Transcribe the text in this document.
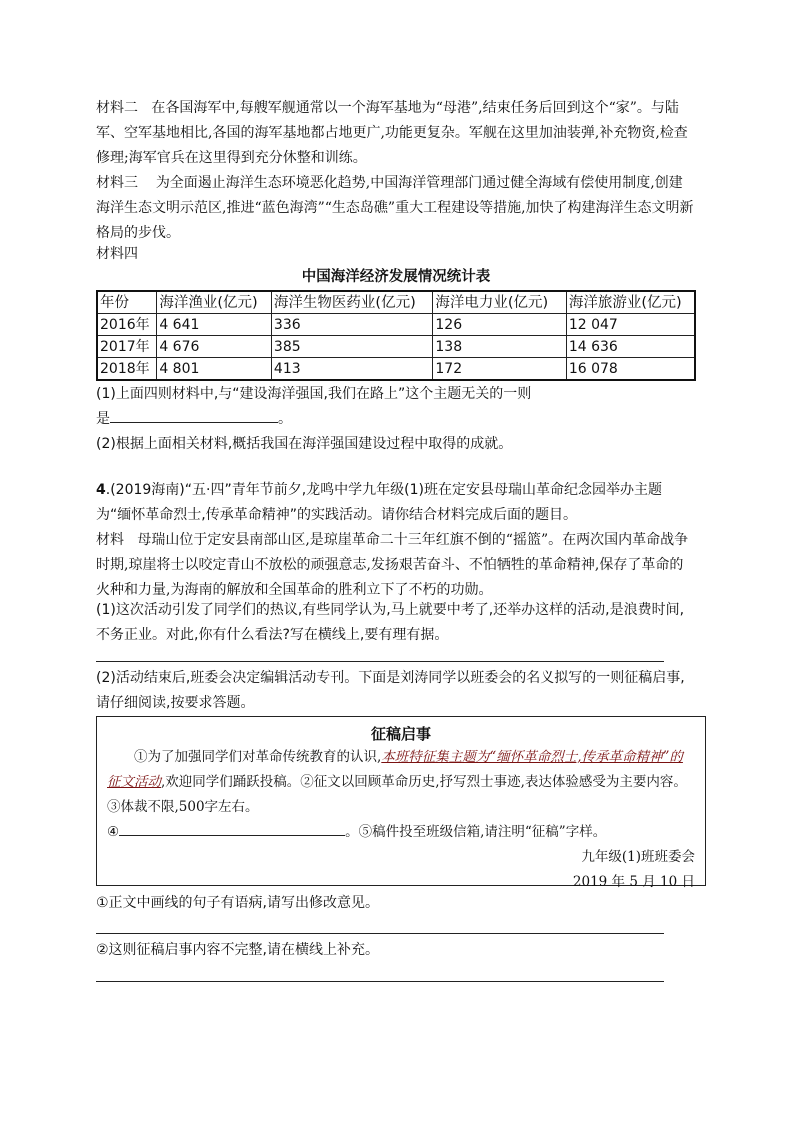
材料二 在各国海军中,每艘军舰通常以一个海军基地为“母港”,结束任务后回到这个“家”。与陆军、空军基地相比,各国的海军基地都占地更广,功能更复杂。军舰在这里加油装弹,补充物资,检查修理;海军官兵在这里得到充分休整和训练。

材料三 为全面遏止海洋生态环境恶化趋势,中国海洋管理部门通过健全海域有偿使用制度,创建海洋生态文明示范区,推进“蓝色海湾”“生态岛礁”重大工程建设等措施,加快了构建海洋生态文明新格局的步伐。

材料四

中国海洋经济发展情况统计表
年份	海洋渔业(亿元)	海洋生物医药业(亿元)	海洋电力业(亿元)	海洋旅游业(亿元)
2016年	4 641	336	126	12 047
2017年	4 676	385	138	14 636
2018年	4 801	413	172	16 078

(1)上面四则材料中,与“建设海洋强国,我们在路上”这个主题无关的一则

是	。

(2)根据上面相关材料,概括我国在海洋强国建设过程中取得的成就。

4.(2019海南)“五·四”青年节前夕,龙鸣中学九年级(1)班在定安县母瑞山革命纪念园举办主题为“缅怀革命烈士,传承革命精神”的实践活动。请你结合材料完成后面的题目。

材料 母瑞山位于定安县南部山区,是琼崖革命二十三年红旗不倒的“摇篮”。在两次国内革命战争时期,琼崖将士以咬定青山不放松的顽强意志,发扬艰苦奋斗、不怕牺牲的革命精神,保存了革命的火种和力量,为海南的解放和全国革命的胜利立下了不朽的功勋。

(1)这次活动引发了同学们的热议,有些同学认为,马上就要中考了,还举办这样的活动,是浪费时间,不务正业。对此,你有什么看法?写在横线上,要有理有据。

(2)活动结束后,班委会决定编辑活动专刊。下面是刘涛同学以班委会的名义拟写的一则征稿启事,请仔细阅读,按要求答题。

征稿启事
①为了加强同学们对革命传统教育的认识,本班特征集主题为“缅怀革命烈士,传承革命精神”的征文活动,欢迎同学们踊跃投稿。②征文以回顾革命历史,抒写烈士事迹,表达体验感受为主要内容。③体裁不限,500字左右。
④	。⑤稿件投至班级信箱,请注明“征稿”字样。
九年级(1)班班委会
2019 年 5 月 10 日

①正文中画线的句子有语病,请写出修改意见。

②这则征稿启事内容不完整,请在横线上补充。
